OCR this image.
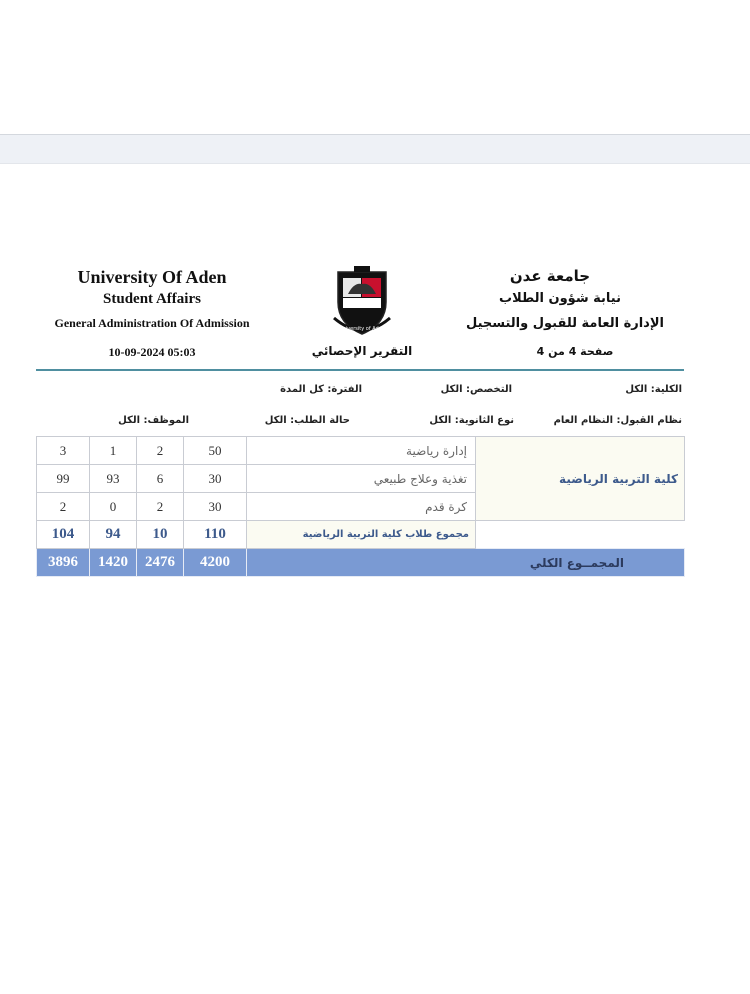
University Of Aden
Student Affairs
General Administration Of Admission
10-09-2024 05:03
University of Aden
جامعة عدن
نيابة شؤون الطلاب
الإدارة العامة للقبول والتسجيل
صفحة 4 من 4
التقرير الإحصائي
الكلية: الكل
التخصص: الكل
الفترة: كل المدة
نظام القبول: النظام العام
نوع الثانوية: الكل
حالة الطلب: الكل
الموظف: الكل
3	1	2	50	إدارة رياضية	كلية التربية الرياضية
99	93	6	30	تغذية وعلاج طبيعي	
2	0	2	30	كرة قدم	
104	94	10	110	مجموع طلاب كلية التربية الرياضية	
3896	1420	2476	4200	المجمــوع الكلي	
